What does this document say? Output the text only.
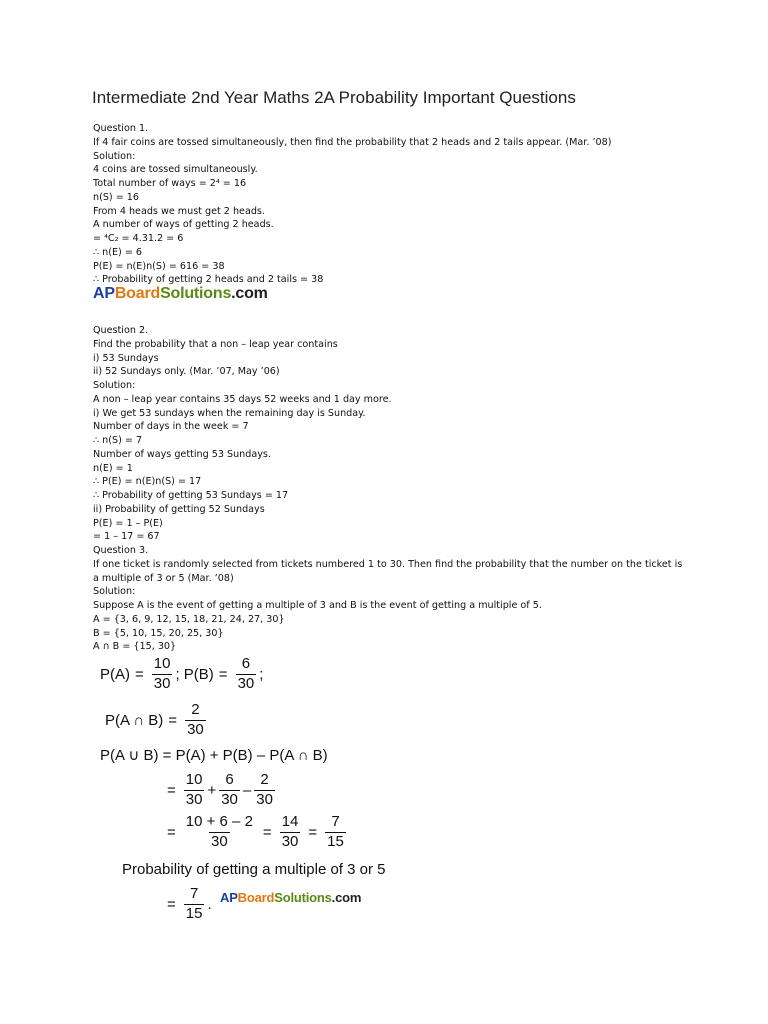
Intermediate 2nd Year Maths 2A Probability Important Questions
Question 1.
If 4 fair coins are tossed simultaneously, then find the probability that 2 heads and 2 tails appear. (Mar. ’08)
Solution:
4 coins are tossed simultaneously.
Total number of ways = 2⁴ = 16
n(S) = 16
From 4 heads we must get 2 heads.
A number of ways of getting 2 heads.
= ⁴C₂ = 4.31.2 = 6
∴ n(E) = 6
P(E) = n(E)n(S) = 616 = 38
∴ Probability of getting 2 heads and 2 tails = 38
APBoardSolutions.com
Question 2.
Find the probability that a non – leap year contains
i) 53 Sundays
ii) 52 Sundays only. (Mar. ’07, May ’06)
Solution:
A non – leap year contains 35 days 52 weeks and 1 day more.
i) We get 53 sundays when the remaining day is Sunday.
Number of days in the week = 7
∴ n(S) = 7
Number of ways getting 53 Sundays.
n(E) = 1
∴ P(E) = n(E)n(S) = 17
∴ Probability of getting 53 Sundays = 17
ii) Probability of getting 52 Sundays
P(E) = 1 – P(E)
= 1 – 17 = 67
Question 3.
If one ticket is randomly selected from tickets numbered 1 to 30. Then find the probability that the number on the ticket is a multiple of 3 or 5 (Mar. ’08)
Solution:
Suppose A is the event of getting a multiple of 3 and B is the event of getting a multiple of 5.
A = {3, 6, 9, 12, 15, 18, 21, 24, 27, 30}
B = {5, 10, 15, 20, 25, 30}
A ∩ B = {15, 30}
$P(A) = \frac{10}{30}$ ; $P(B) = \frac{6}{30}$ ;
P(A ∩ $B) = \frac{2}{30}$
P(A ∪ B) = P(A) + P(B) – P(A ∩ B)
= $\frac{10}{30} + \frac{6}{30} - \frac{2}{30}$
= $\frac{10 + 6 - 2}{30} = \frac{14}{30} = \frac{7}{15}$
Probability of getting a multiple of 3 or 5
= $\frac{7}{15}$ . APBoardSolutions.com
